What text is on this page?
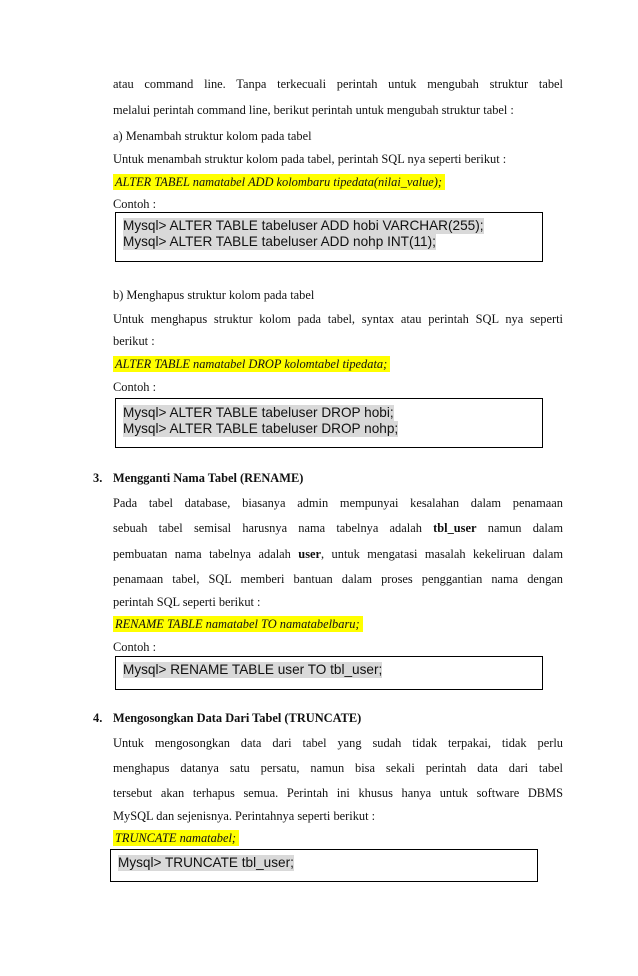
atau command line. Tanpa terkecuali perintah untuk mengubah struktur tabel
melalui perintah command line, berikut perintah untuk mengubah struktur tabel :
a) Menambah struktur kolom pada tabel
Untuk menambah struktur kolom pada tabel, perintah SQL nya seperti berikut :
ALTER TABEL namatabel ADD kolombaru tipedata(nilai_value);
Contoh :
Mysql> ALTER TABLE tabeluser ADD hobi VARCHAR(255);
Mysql> ALTER TABLE tabeluser ADD nohp INT(11);
b) Menghapus struktur kolom pada tabel
Untuk menghapus struktur kolom pada tabel, syntax atau perintah SQL nya seperti
berikut :
ALTER TABLE namatabel DROP kolomtabel tipedata;
Contoh :
Mysql> ALTER TABLE tabeluser DROP hobi;
Mysql> ALTER TABLE tabeluser DROP nohp;
3. Mengganti Nama Tabel (RENAME)
Pada tabel database, biasanya admin mempunyai kesalahan dalam penamaan
sebuah tabel semisal harusnya nama tabelnya adalah tbl_user namun dalam
pembuatan nama tabelnya adalah user, untuk mengatasi masalah kekeliruan dalam
penamaan tabel, SQL memberi bantuan dalam proses penggantian nama dengan
perintah SQL seperti berikut :
RENAME TABLE namatabel TO namatabelbaru;
Contoh :
Mysql> RENAME TABLE user TO tbl_user;
4. Mengosongkan Data Dari Tabel (TRUNCATE)
Untuk mengosongkan data dari tabel yang sudah tidak terpakai, tidak perlu
menghapus datanya satu persatu, namun bisa sekali perintah data dari tabel
tersebut akan terhapus semua. Perintah ini khusus hanya untuk software DBMS
MySQL dan sejenisnya. Perintahnya seperti berikut :
TRUNCATE namatabel;
Mysql> TRUNCATE tbl_user;
